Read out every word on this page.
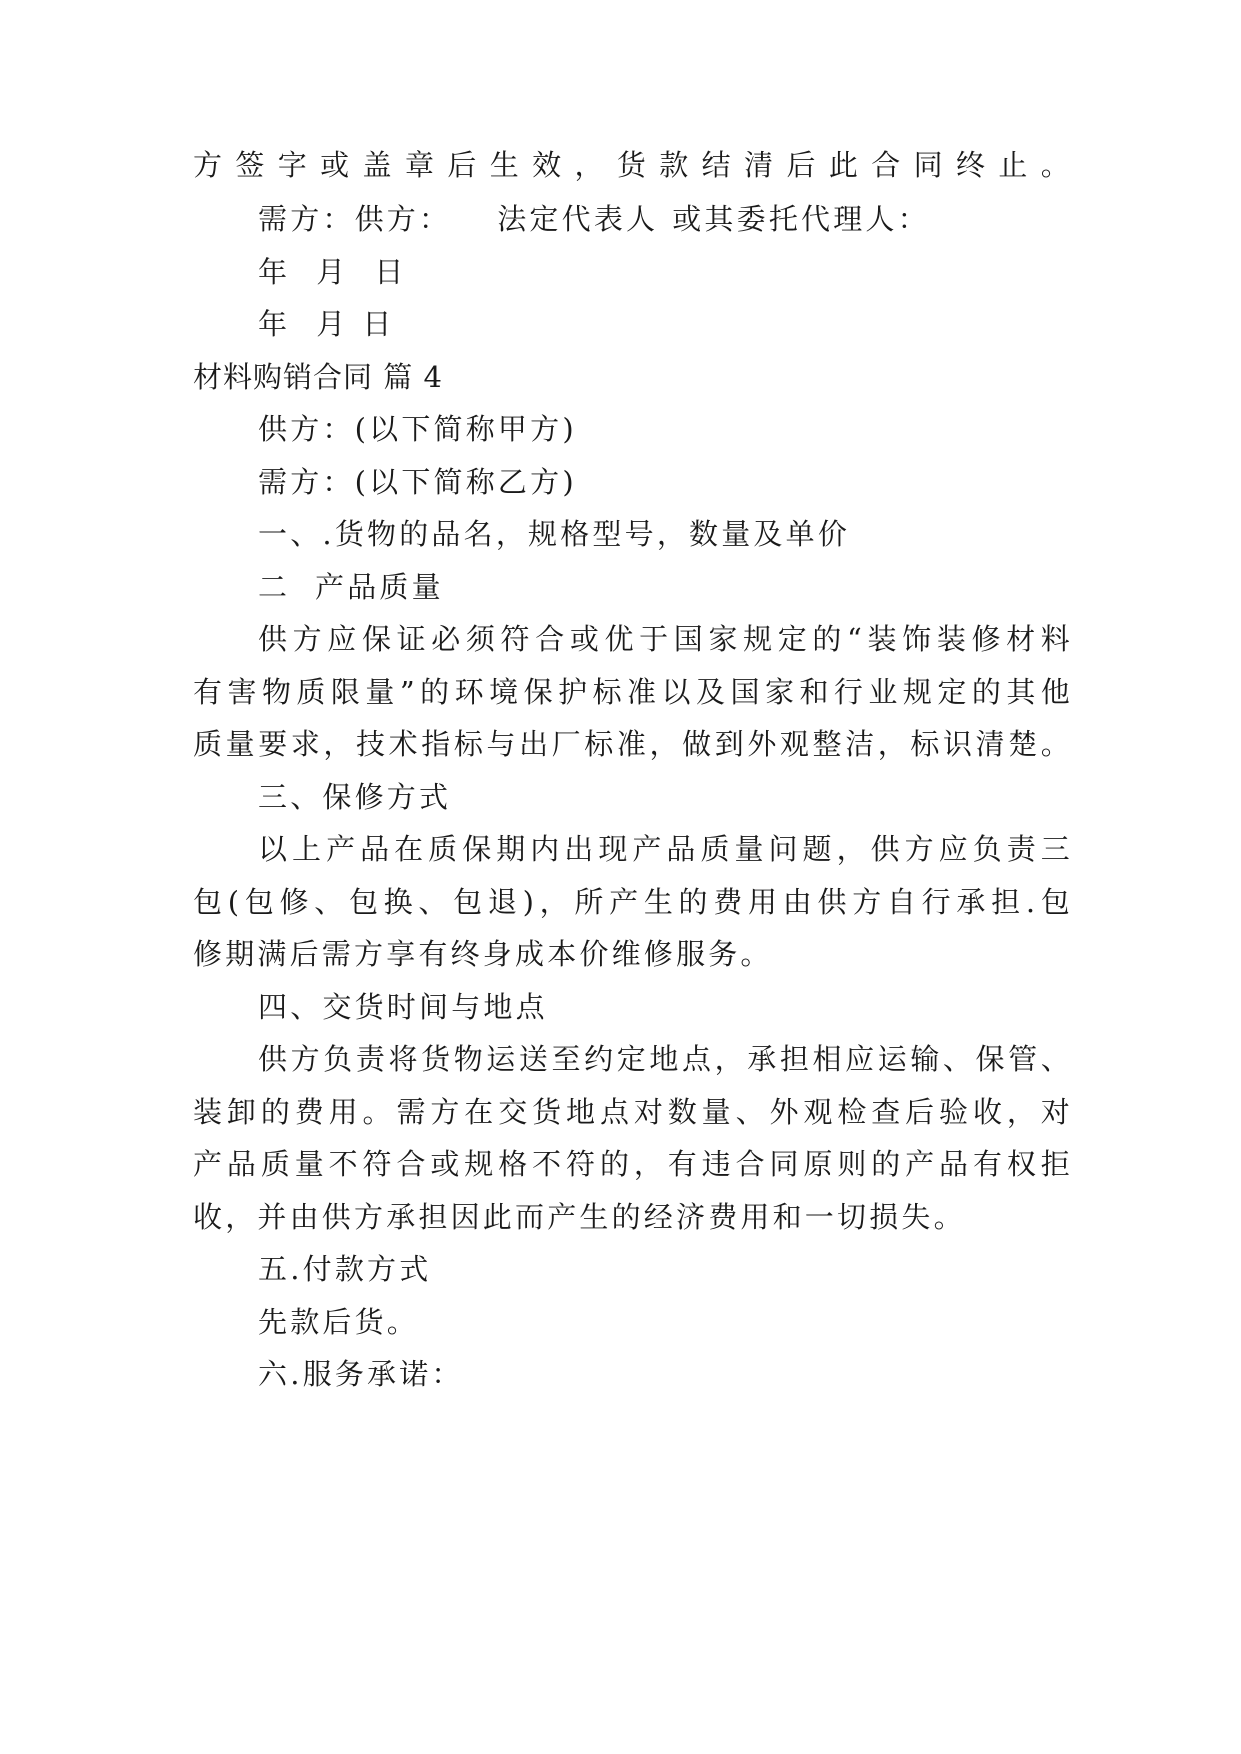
方签字或盖章后生效，货款结清后此合同终止。
需方：供方： 法定代表人 或其委托代理人：
年 月 日
年 月 日
材料购销合同 篇 4
供方：(以下简称甲方)
需方：(以下简称乙方)
一、.货物的品名，规格型号，数量及单价
二  产品质量
供方应保证必须符合或优于国家规定的“装饰装修材料
有害物质限量”的环境保护标准以及国家和行业规定的其他
质量要求，技术指标与出厂标准，做到外观整洁，标识清楚。
三、保修方式
以上产品在质保期内出现产品质量问题，供方应负责三
包(包修、包换、包退)，所产生的费用由供方自行承担.包
修期满后需方享有终身成本价维修服务。
四、交货时间与地点
供方负责将货物运送至约定地点，承担相应运输、保管、
装卸的费用。需方在交货地点对数量、外观检查后验收，对
产品质量不符合或规格不符的，有违合同原则的产品有权拒
收，并由供方承担因此而产生的经济费用和一切损失。
五.付款方式
先款后货。
六.服务承诺：
